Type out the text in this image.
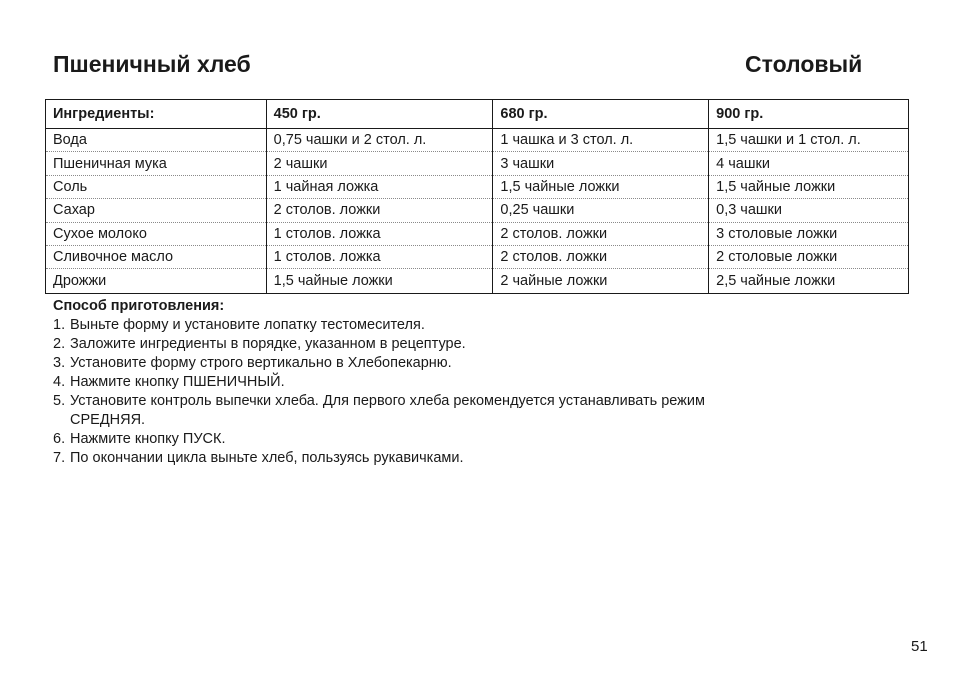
Пшеничный хлеб	Столовый
Ингредиенты:	450 гр.	680 гр.	900 гр.
Вода	0,75 чашки и 2 стол. л.	1 чашка и 3 стол. л.	1,5 чашки и 1 стол. л.
Пшеничная мука	2 чашки	3 чашки	4 чашки
Соль	1 чайная ложка	1,5 чайные ложки	1,5 чайные ложки
Сахар	2 столов. ложки	0,25 чашки	0,3 чашки
Сухое молоко	1 столов. ложка	2 столов. ложки	3 столовые ложки
Сливочное масло	1 столов. ложка	2 столов. ложки	2 столовые ложки
Дрожжи	1,5 чайные ложки	2 чайные ложки	2,5 чайные ложки

Способ приготовления:

1. Выньте форму и установите лопатку тестомесителя.
2. Заложите ингредиенты в порядке, указанном в рецептуре.
3. Установите форму строго вертикально в Хлебопекарню.
4. Нажмите кнопку ПШЕНИЧНЫЙ.
5. Установите контроль выпечки хлеба. Для первого хлеба рекомендуется устанавливать режим СРЕДНЯЯ.
6. Нажмите кнопку ПУСК.
7. По окончании цикла выньте хлеб, пользуясь рукавичками.
51
